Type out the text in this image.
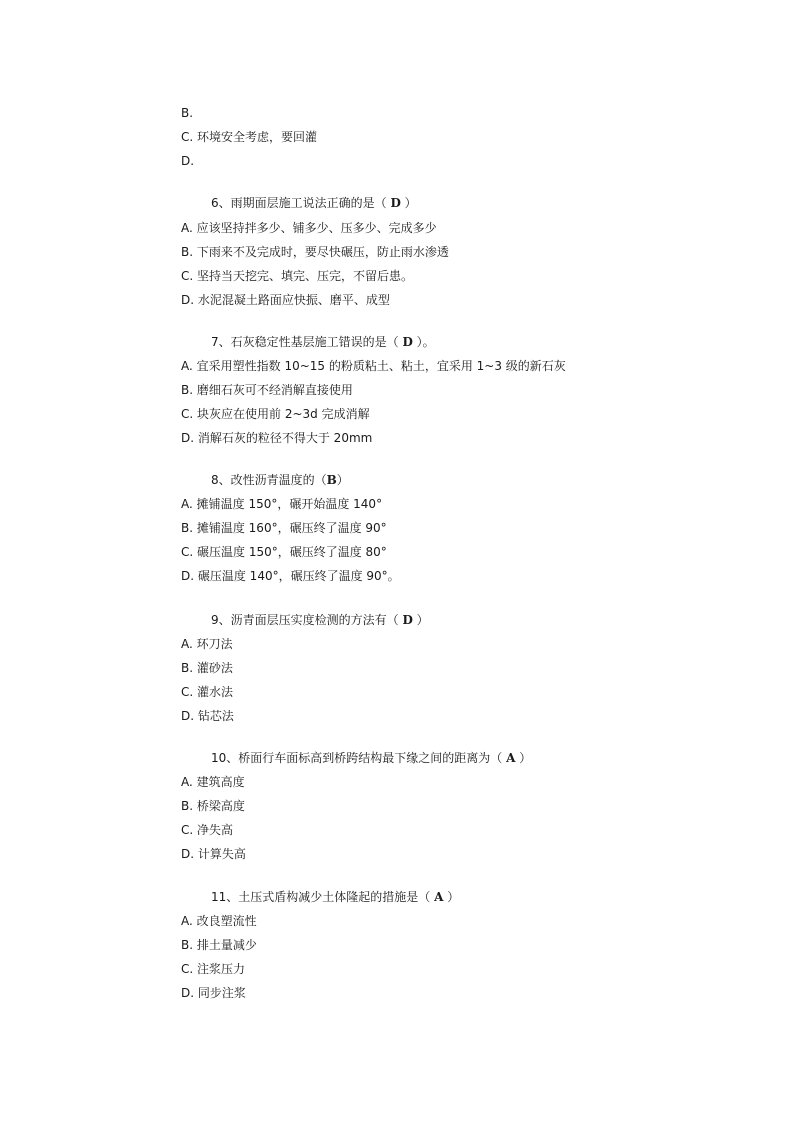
B.
C. 环境安全考虑，要回灌
D.
6、雨期面层施工说法正确的是（ D ）
A. 应该坚持拌多少、铺多少、压多少、完成多少
B. 下雨来不及完成时，要尽快碾压，防止雨水渗透
C. 坚持当天挖完、填完、压完，不留后患。
D. 水泥混凝土路面应快振、磨平、成型
7、石灰稳定性基层施工错误的是（ D ）。
A. 宜采用塑性指数 10~15 的粉质粘土、粘土，宜采用 1~3 级的新石灰
B. 磨细石灰可不经消解直接使用
C. 块灰应在使用前 2~3d 完成消解
D. 消解石灰的粒径不得大于 20mm
8、改性沥青温度的（B）
A. 摊铺温度 150°，碾开始温度 140°
B. 摊铺温度 160°，碾压终了温度 90°
C. 碾压温度 150°，碾压终了温度 80°
D. 碾压温度 140°，碾压终了温度 90°。
9、沥青面层压实度检测的方法有（ D ）
A. 环刀法
B. 灌砂法
C. 灌水法
D. 钻芯法
10、桥面行车面标高到桥跨结构最下缘之间的距离为（ A ）
A. 建筑高度
B. 桥梁高度
C. 净失高
D. 计算失高
11、土压式盾构减少土体隆起的措施是（ A ）
A. 改良塑流性
B. 排土量减少
C. 注浆压力
D. 同步注浆
